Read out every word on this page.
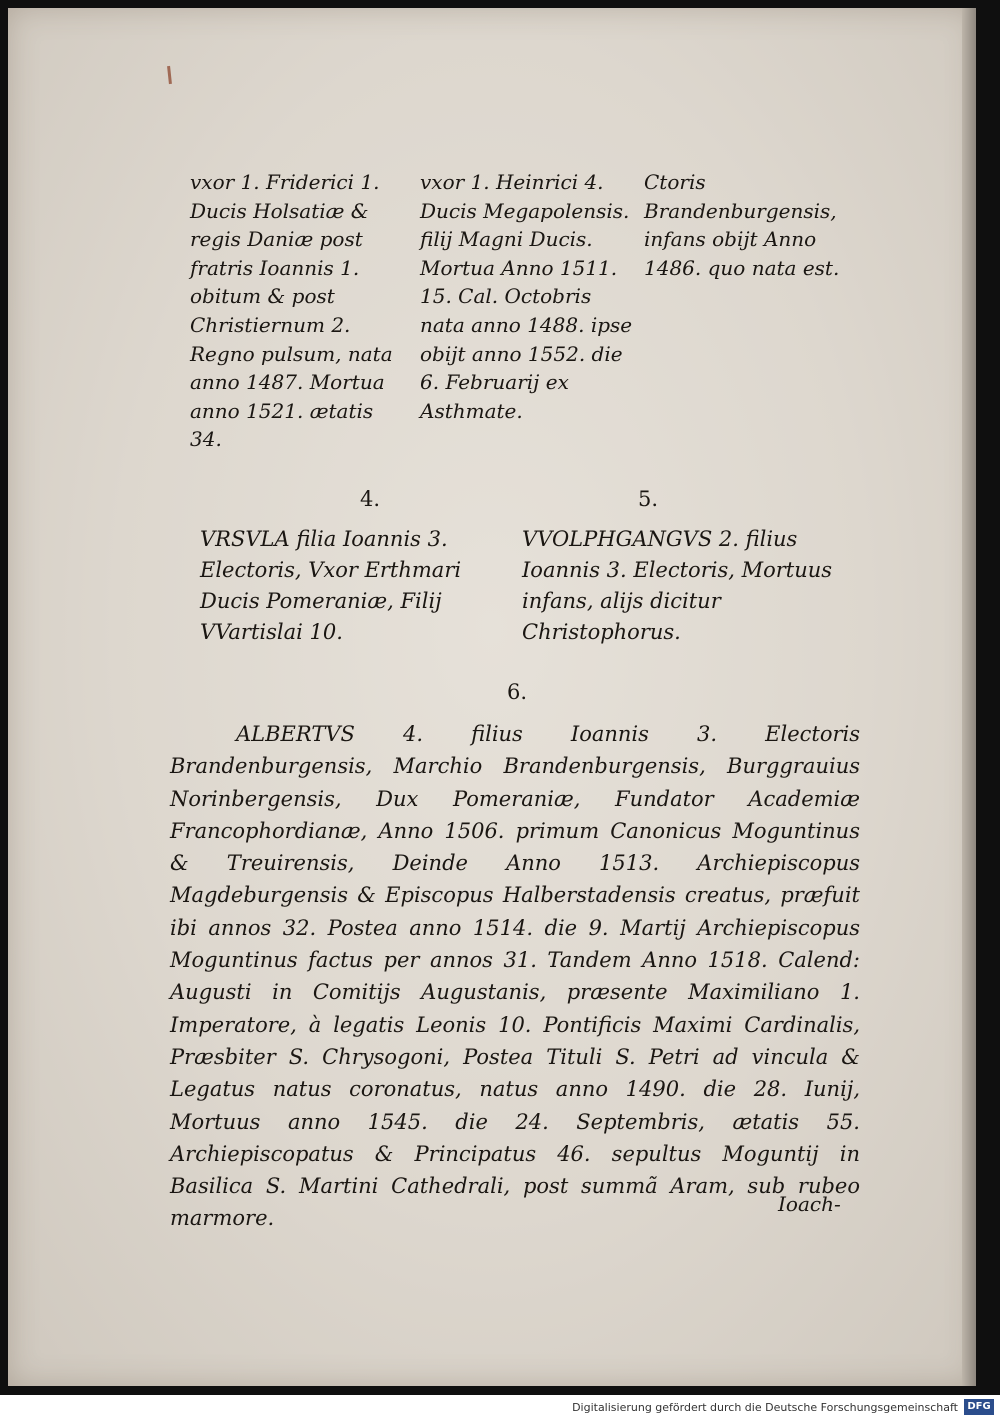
vxor 1. Friderici 1. Ducis Holsatiæ & regis Daniæ post fratris Ioannis 1. obitum & post Christiernum 2. Regno pulsum, nata anno 1487. Mortua anno 1521. ætatis 34.
vxor 1. Heinrici 4. Ducis Megapolensis. filij Magni Ducis. Mortua Anno 1511. 15. Cal. Octobris nata anno 1488. ipse obijt anno 1552. die 6. Februarij ex Asthmate.
Ctoris Brandenburgensis, infans obijt Anno 1486. quo nata est.
4.	5.
VRSVLA filia Ioannis 3. Electoris, Vxor Erthmari Ducis Pomeraniæ, Filij VVartislai 10.
VVOLPHGANGVS 2. filius Ioannis 3. Electoris, Mortuus infans, alijs dicitur Christophorus.
6.
ALBERTVS 4. filius Ioannis 3. Electoris Brandenburgensis, Marchio Brandenburgensis, Burggrauius Norinbergensis, Dux Pomeraniæ, Fundator Academiæ Francophordianæ, Anno 1506. primum Canonicus Moguntinus & Treuirensis, Deinde Anno 1513. Archiepiscopus Magdeburgensis & Episcopus Halberstadensis creatus, præfuit ibi annos 32. Postea anno 1514. die 9. Martij Archiepiscopus Moguntinus factus per annos 31. Tandem Anno 1518. Calend: Augusti in Comitijs Augustanis, præsente Maximiliano 1. Imperatore, à legatis Leonis 10. Pontificis Maximi Cardinalis, Præsbiter S. Chrysogoni, Postea Tituli S. Petri ad vincula & Legatus natus coronatus, natus anno 1490. die 28. Iunij, Mortuus anno 1545. die 24. Septembris, ætatis 55. Archiepiscopatus & Principatus 46. sepultus Moguntij in Basilica S. Martini Cathedrali, post summã Aram, sub rubeo marmore.
Ioach-
Digitalisierung gefördert durch die Deutsche Forschungsgemeinschaft DFG
